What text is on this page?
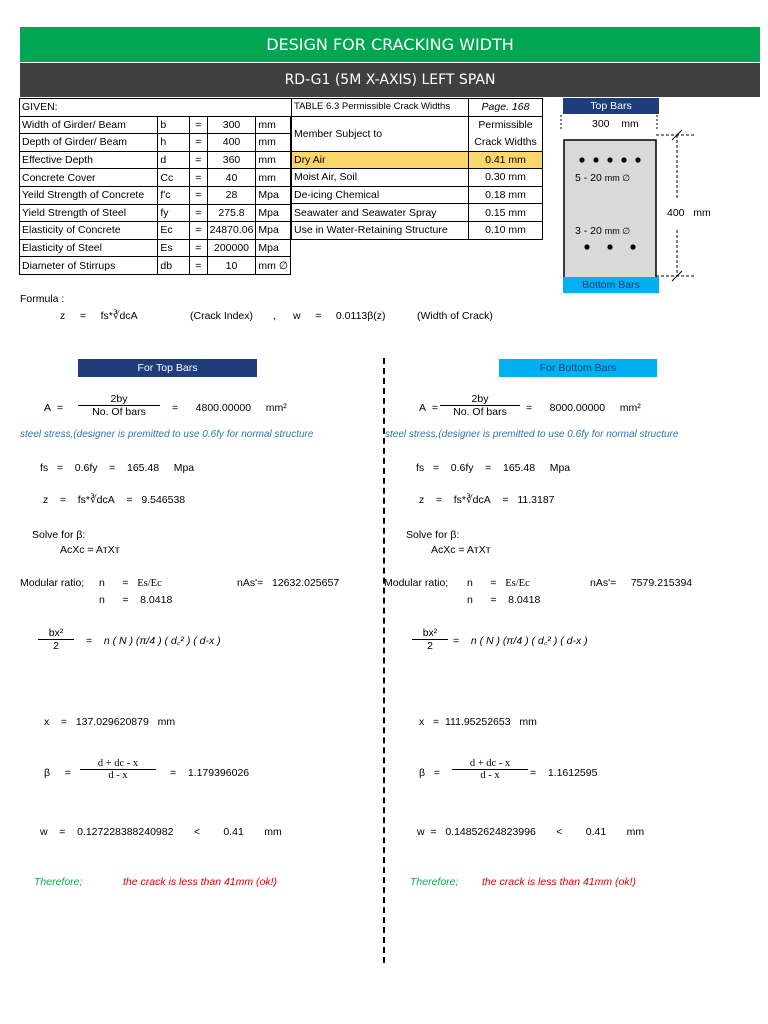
DESIGN FOR CRACKING WIDTH
RD-G1 (5M X-AXIS) LEFT SPAN
GIVEN:				
Width of Girder/ Beam	b	=	300	mm
Depth of Girder/ Beam	h	=	400	mm
Effective Depth	d	=	360	mm
Concrete Cover	Cc	=	40	mm
Yeild Strength of Concrete	f'c	=	28	Mpa
Yield Strength of Steel	fy	=	275.8	Mpa
Elasticity of Concrete	Ec	=	24870.06	Mpa
Elasticity of Steel	Es	=	200000	Mpa
Diameter of Stirrups	db	=	10	mm ∅
TABLE 6.3 Permissible Crack Widths	Page. 168
Member Subject to	Permissible
	Crack Widths
Dry Air	0.41 mm
Moist Air, Soil	0.30 mm
De-icing Chemical	0.18 mm
Seawater and Seawater Spray	0.15 mm
Use in Water-Retaining Structure	0.10 mm
Top Bars
300 mm
5 - 20 mm ∅
3 - 20 mm ∅
400 mm
Bottom Bars
Formula :
z = fs*∛dcA	(Crack Index) , w = 0.0113β(z)	(Width of Crack)
For Top Bars
A  =
2by
No. Of bars	=      4800.00000 mm²
steel stress,(designer is premitted to use 0.6fy for normal structure
fs   =    0.6fy    =    165.48 Mpa
z    =    fs*∛dcA    =   9.546538
Solve for β:
AcXc = AтXт
Modular ratio; n = Es/Ec
n = 8.0418
nAs'= 12632.025657
$\frac{\text{bx²}}{2}$ =    n ( N ) (π/4 ) ( d꜀² ) ( d-x )
x    =   137.029620879 mm
β     = $\frac{d + dc - x}{d - x}$ =    1.179396026
w    =    0.127228388240982 < 0.41 mm
Therefore;	the crack is less than 41mm (ok!)
For Bottom Bars
A  =
2by
No. Of bars	=      8000.00000 mm²
steel stress,(designer is premitted to use 0.6fy for normal structure
fs   =    0.6fy    =    165.48 Mpa
z    =    fs*∛dcA    =   11.3187
Solve for β:
AcXc = AтXт
Modular ratio; n = Es/Ec
n = 8.0418
nAs'= 7579.215394
$\frac{\text{bx²}}{2}$ =    n ( N ) (π/4 ) ( d꜀² ) ( d-x )
x   =  111.95252653 mm
$\beta = \frac{d + dc - x}{d - x}$ =    1.1612595
w  =   0.14852624823996 < 0.41 mm
Therefore; the crack is less than 41mm (ok!)
